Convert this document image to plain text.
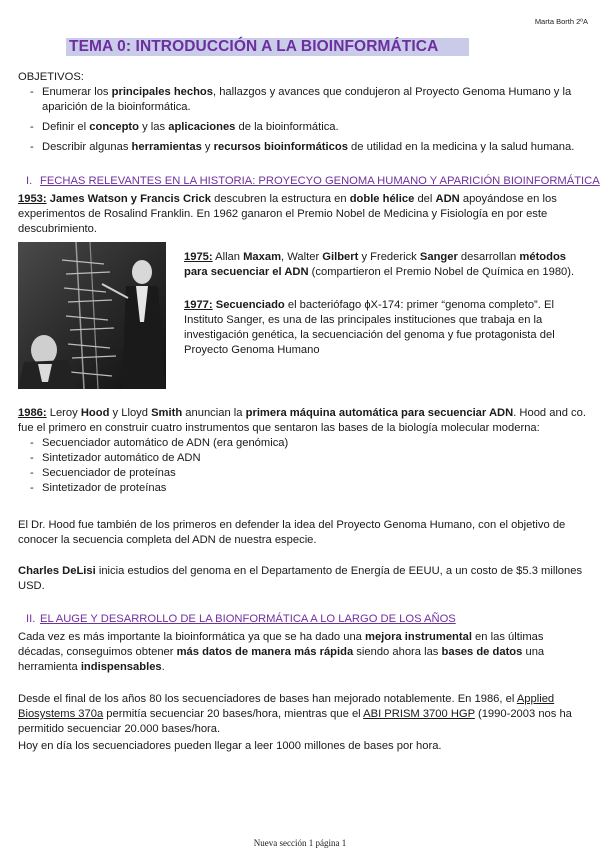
Marta Borth 2ºA
TEMA 0: INTRODUCCIÓN A LA BIOINFORMÁTICA
OBJETIVOS:
- Enumerar los principales hechos, hallazgos y avances que condujeron al Proyecto Genoma Humano y la aparición de la bioinformática.
- Definir el concepto y las aplicaciones de la bioinformática.
- Describir algunas herramientas y recursos bioinformáticos de utilidad en la medicina y la salud humana.
I. FECHAS RELEVANTES EN LA HISTORIA: PROYECYO GENOMA HUMANO Y APARICIÓN BIOINFORMÁTICA
1953: James Watson y Francis Crick descubren la estructura en doble hélice del ADN apoyándose en los experimentos de Rosalind Franklin. En 1962 ganaron el Premio Nobel de Medicina y Fisiología en por este descubrimiento.
1975: Allan Maxam, Walter Gilbert y Frederick Sanger desarrollan métodos para secuenciar el ADN (compartieron el Premio Nobel de Química en 1980).
1977: Secuenciado el bacteriófago ɸX-174: primer “genoma completo”. El Instituto Sanger, es una de las principales instituciones que trabaja en la investigación genética, la secuenciación del genoma y fue protagonista del Proyecto Genoma Humano
1986: Leroy Hood y Lloyd Smith anuncian la primera máquina automática para secuenciar ADN. Hood and co. fue el primero en construir cuatro instrumentos que sentaron las bases de la biología molecular moderna:
- Secuenciador automático de ADN (era genómica)
- Sintetizador automático de ADN
- Secuenciador de proteínas
- Sintetizador de proteínas
El Dr. Hood fue también de los primeros en defender la idea del Proyecto Genoma Humano, con el objetivo de conocer la secuencia completa del ADN de nuestra especie.
Charles DeLisi inicia estudios del genoma en el Departamento de Energía de EEUU, a un costo de $5.3 millones USD.
II. EL AUGE Y DESARROLLO DE LA BIONFORMÁTICA A LO LARGO DE LOS AÑOS
Cada vez es más importante la bioinformática ya que se ha dado una mejora instrumental en las últimas décadas, conseguimos obtener más datos de manera más rápida siendo ahora las bases de datos una herramienta indispensables.
Desde el final de los años 80 los secuenciadores de bases han mejorado notablemente. En 1986, el Applied Biosystems 370a permitía secuenciar 20 bases/hora, mientras que el ABI PRISM 3700 HGP (1990-2003 nos ha permitido secuenciar 20.000 bases/hora.
Hoy en día los secuenciadores pueden llegar a leer 1000 millones de bases por hora.
Nueva sección 1 página 1
